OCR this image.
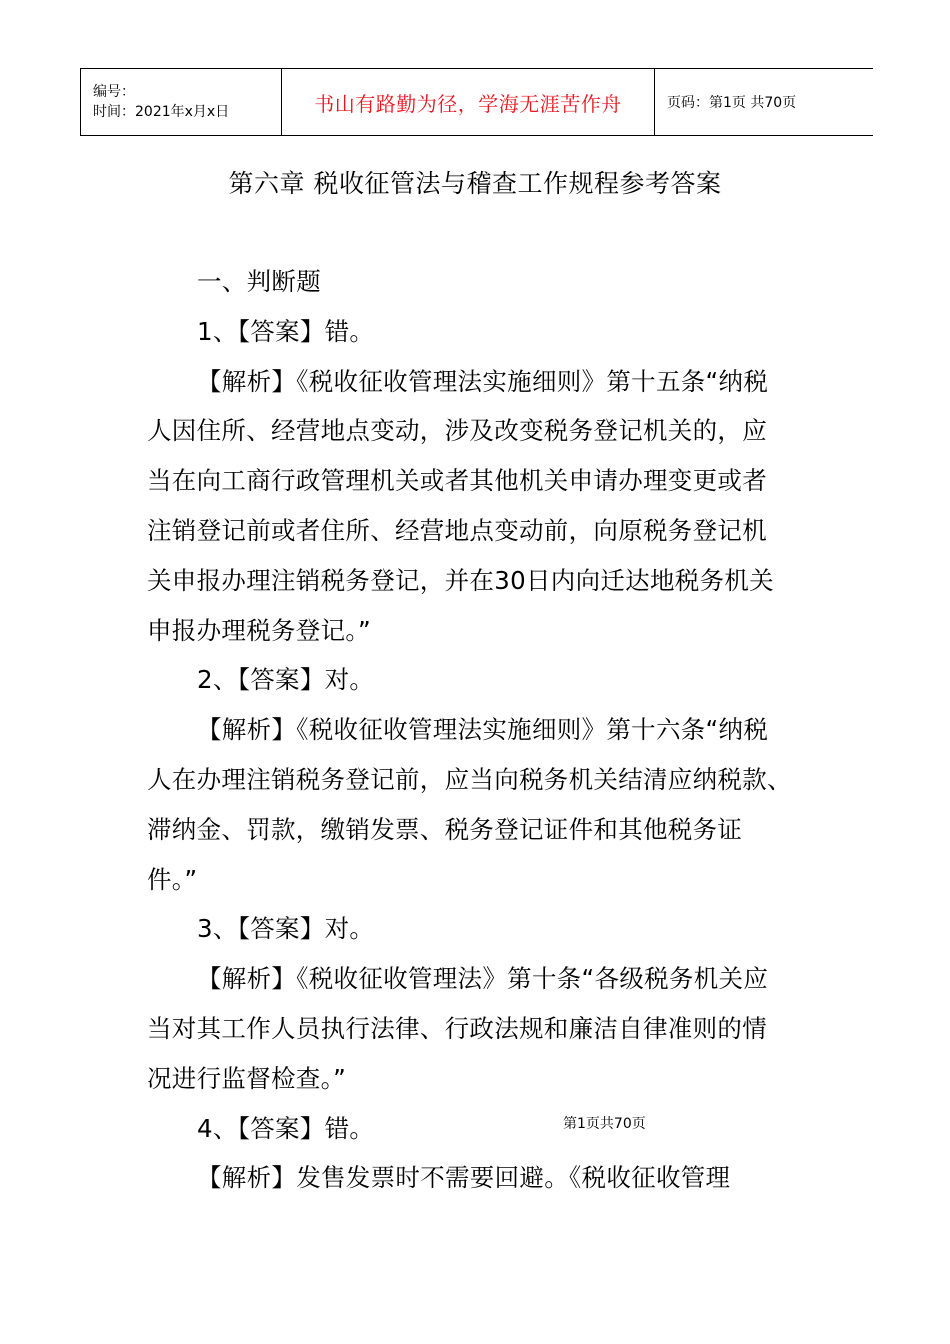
编号：
时间：2021年x月x日	书山有路勤为径，学海无涯苦作舟	页码：第1页 共70页
第六章 税收征管法与稽查工作规程参考答案
一、判断题
1、【答案】错。
【解析】《税收征收管理法实施细则》第十五条“纳税
人因住所、经营地点变动，涉及改变税务登记机关的，应
当在向工商行政管理机关或者其他机关申请办理变更或者
注销登记前或者住所、经营地点变动前，向原税务登记机
关申报办理注销税务登记，并在30日内向迁达地税务机关
申报办理税务登记。”
2、【答案】对。
【解析】《税收征收管理法实施细则》第十六条“纳税
人在办理注销税务登记前，应当向税务机关结清应纳税款、
滞纳金、罚款，缴销发票、税务登记证件和其他税务证
件。”
3、【答案】对。
【解析】《税收征收管理法》第十条“各级税务机关应
当对其工作人员执行法律、行政法规和廉洁自律准则的情
况进行监督检查。”
4、【答案】错。
【解析】发售发票时不需要回避。《税收征收管理
第1页共70页
